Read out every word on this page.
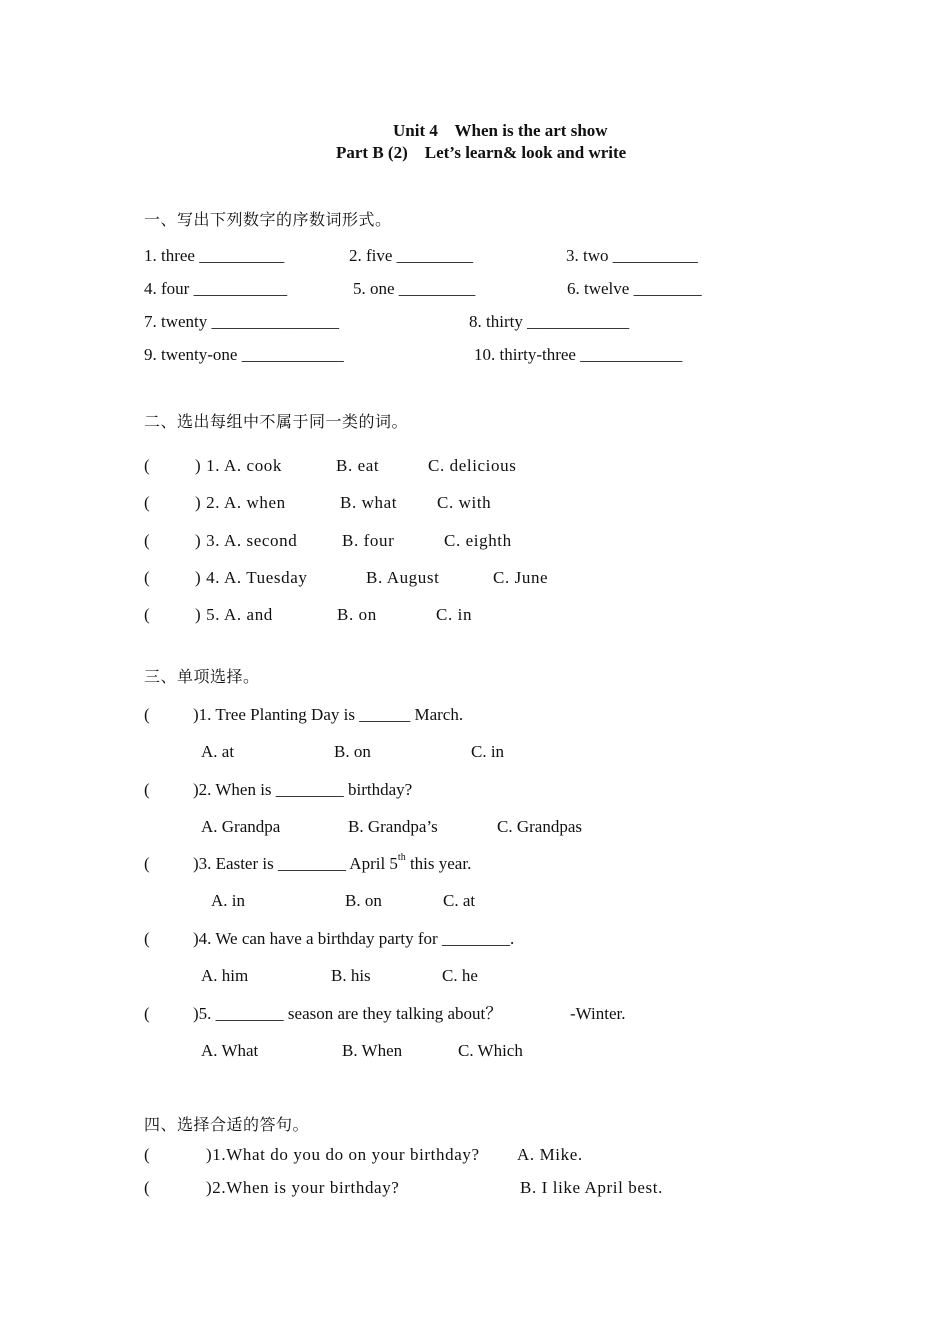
Unit 4    When is the art show
Part B (2)    Let’s learn& look and write
一、写出下列数字的序数词形式。
1. three __________	2. five _________	3. two __________
4. four ___________	5. one _________	6. twelve ________
7. twenty _______________	8. thirty ____________
9. twenty-one ____________	10. thirty-three ____________
二、选出每组中不属于同一类的词。
(	) 1. A. cook	B. eat	C. delicious
(	) 2. A. when	B. what C. with
(	) 3. A. second	B. four	C. eighth
(	) 4. A. Tuesday	B. August	C. June
(	) 5. A. and	B. on	C. in
三、单项选择。
(	)1. Tree Planting Day is ______ March.
A. at	B. on	C. in
(	)2. When is ________ birthday?
A. Grandpa	B. Grandpa’s	C. Grandpas
(	)3. Easter is ________ April 5th this year.
A. in	B. on	C. at
(	)4. We can have a birthday party for ________.
A. him	B. his	C. he
(	)5. ________ season are they talking about？	-Winter.
A. What	B. When	C. Which
四、选择合适的答句。
(	)1.What do you do on your birthday? A. Mike.
(	)2.When is your birthday?	B. I like April best.
